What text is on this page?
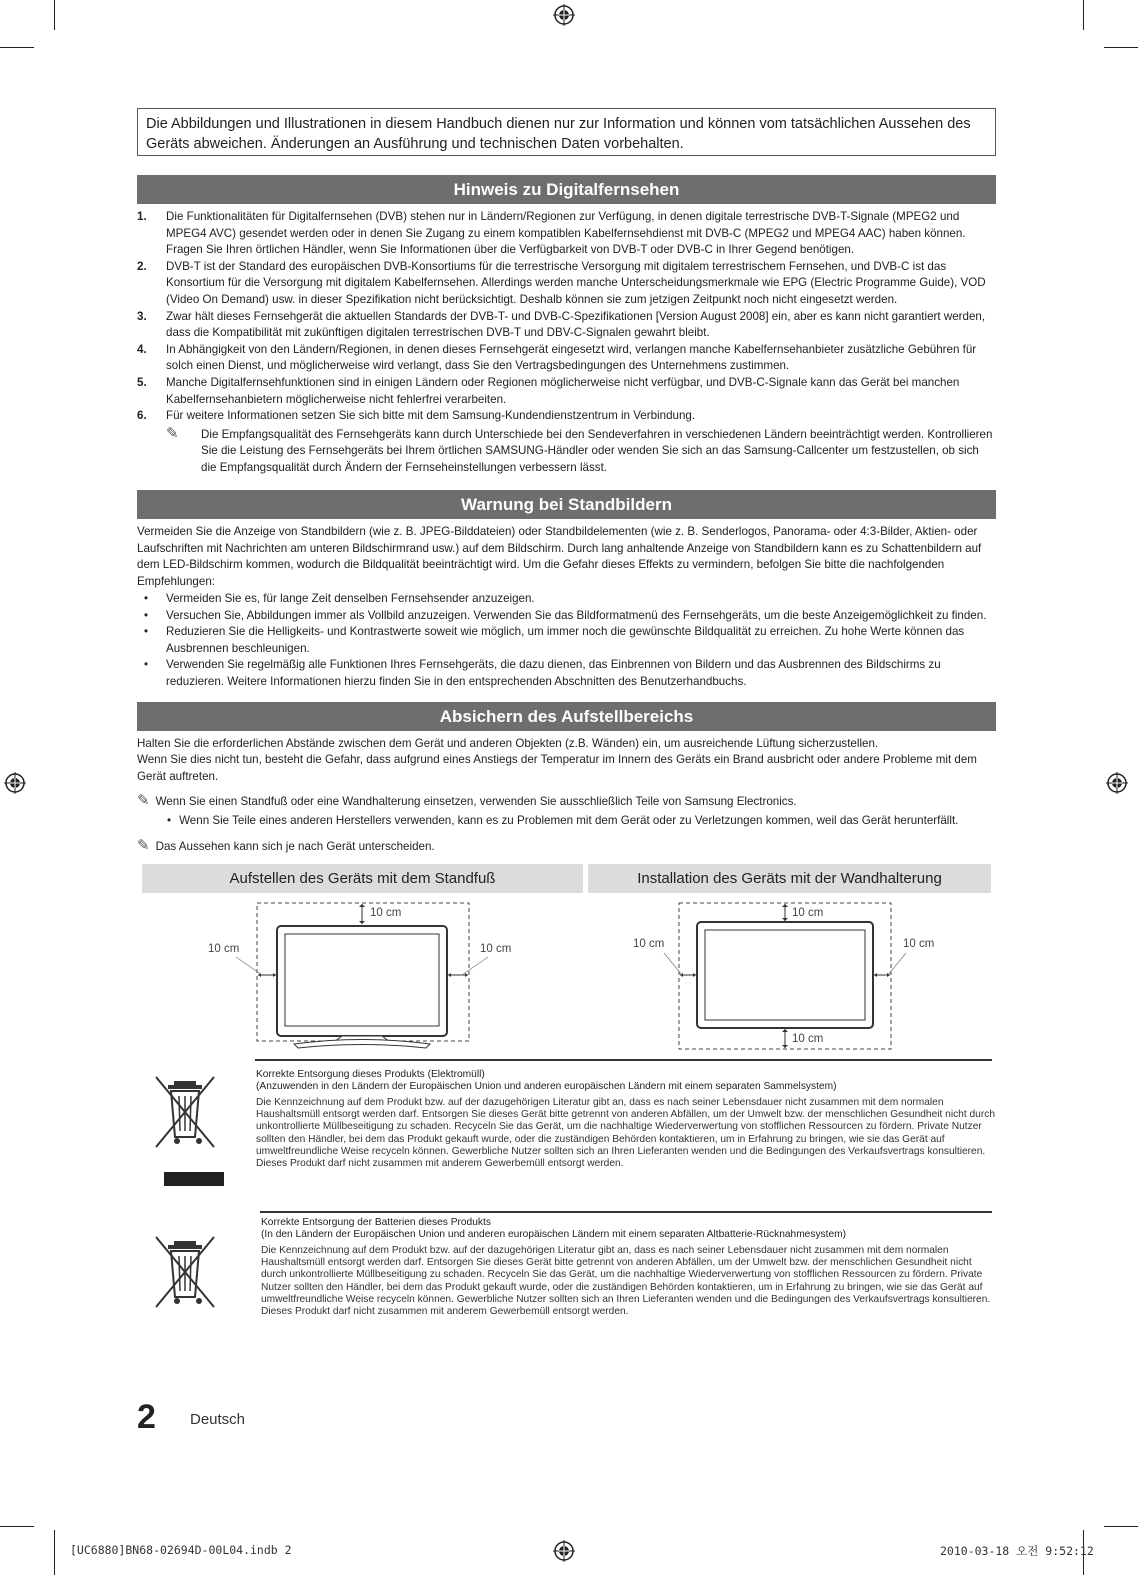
Die Abbildungen und Illustrationen in diesem Handbuch dienen nur zur Information und können vom tatsächlichen Aussehen des Geräts abweichen. Änderungen an Ausführung und technischen Daten vorbehalten.
Hinweis zu Digitalfernsehen
1. Die Funktionalitäten für Digitalfernsehen (DVB) stehen nur in Ländern/Regionen zur Verfügung, in denen digitale terrestrische DVB-T-Signale (MPEG2 und MPEG4 AVC) gesendet werden oder in denen Sie Zugang zu einem kompatiblen Kabelfernsehdienst mit DVB-C (MPEG2 und MPEG4 AAC) haben können. Fragen Sie Ihren örtlichen Händler, wenn Sie Informationen über die Verfügbarkeit von DVB-T oder DVB-C in Ihrer Gegend benötigen.
2. DVB-T ist der Standard des europäischen DVB-Konsortiums für die terrestrische Versorgung mit digitalem terrestrischem Fernsehen, und DVB-C ist das Konsortium für die Versorgung mit digitalem Kabelfernsehen. Allerdings werden manche Unterscheidungsmerkmale wie EPG (Electric Programme Guide), VOD (Video On Demand) usw. in dieser Spezifikation nicht berücksichtigt. Deshalb können sie zum jetzigen Zeitpunkt noch nicht eingesetzt werden.
3. Zwar hält dieses Fernsehgerät die aktuellen Standards der DVB-T- und DVB-C-Spezifikationen [Version August 2008] ein, aber es kann nicht garantiert werden, dass die Kompatibilität mit zukünftigen digitalen terrestrischen DVB-T und DBV-C-Signalen gewahrt bleibt.
4. In Abhängigkeit von den Ländern/Regionen, in denen dieses Fernsehgerät eingesetzt wird, verlangen manche Kabelfernsehanbieter zusätzliche Gebühren für solch einen Dienst, und möglicherweise wird verlangt, dass Sie den Vertragsbedingungen des Unternehmens zustimmen.
5. Manche Digitalfernsehfunktionen sind in einigen Ländern oder Regionen möglicherweise nicht verfügbar, und DVB-C-Signale kann das Gerät bei manchen Kabelfernsehanbietern möglicherweise nicht fehlerfrei verarbeiten.
6. Für weitere Informationen setzen Sie sich bitte mit dem Samsung-Kundendienstzentrum in Verbindung.
✎ Die Empfangsqualität des Fernsehgeräts kann durch Unterschiede bei den Sendeverfahren in verschiedenen Ländern beeinträchtigt werden. Kontrollieren Sie die Leistung des Fernsehgeräts bei Ihrem örtlichen SAMSUNG-Händler oder wenden Sie sich an das Samsung-Callcenter um festzustellen, ob sich die Empfangsqualität durch Ändern der Fernseheinstellungen verbessern lässt.
Warnung bei Standbildern
Vermeiden Sie die Anzeige von Standbildern (wie z. B. JPEG-Bilddateien) oder Standbildelementen (wie z. B. Senderlogos, Panorama- oder 4:3-Bilder, Aktien- oder Laufschriften mit Nachrichten am unteren Bildschirmrand usw.) auf dem Bildschirm. Durch lang anhaltende Anzeige von Standbildern kann es zu Schattenbildern auf dem LED-Bildschirm kommen, wodurch die Bildqualität beeinträchtigt wird. Um die Gefahr dieses Effekts zu vermindern, befolgen Sie bitte die nachfolgenden Empfehlungen:
• Vermeiden Sie es, für lange Zeit denselben Fernsehsender anzuzeigen.
• Versuchen Sie, Abbildungen immer als Vollbild anzuzeigen. Verwenden Sie das Bildformatmenü des Fernsehgeräts, um die beste Anzeigemöglichkeit zu finden.
• Reduzieren Sie die Helligkeits- und Kontrastwerte soweit wie möglich, um immer noch die gewünschte Bildqualität zu erreichen. Zu hohe Werte können das Ausbrennen beschleunigen.
• Verwenden Sie regelmäßig alle Funktionen Ihres Fernsehgeräts, die dazu dienen, das Einbrennen von Bildern und das Ausbrennen des Bildschirms zu reduzieren. Weitere Informationen hierzu finden Sie in den entsprechenden Abschnitten des Benutzerhandbuchs.
Absichern des Aufstellbereichs
Halten Sie die erforderlichen Abstände zwischen dem Gerät und anderen Objekten (z.B. Wänden) ein, um ausreichende Lüftung sicherzustellen.
Wenn Sie dies nicht tun, besteht die Gefahr, dass aufgrund eines Anstiegs der Temperatur im Innern des Geräts ein Brand ausbricht oder andere Probleme mit dem Gerät auftreten.
✎ Wenn Sie einen Standfuß oder eine Wandhalterung einsetzen, verwenden Sie ausschließlich Teile von Samsung Electronics.
• Wenn Sie Teile eines anderen Herstellers verwenden, kann es zu Problemen mit dem Gerät oder zu Verletzungen kommen, weil das Gerät herunterfällt.
✎ Das Aussehen kann sich je nach Gerät unterscheiden.
Aufstellen des Geräts mit dem Standfuß	Installation des Geräts mit der Wandhalterung
10 cm
10 cm	10 cm
10 cm
10 cm	10 cm
10 cm
Korrekte Entsorgung dieses Produkts (Elektromüll)
(Anzuwenden in den Ländern der Europäischen Union und anderen europäischen Ländern mit einem separaten Sammelsystem)
Die Kennzeichnung auf dem Produkt bzw. auf der dazugehörigen Literatur gibt an, dass es nach seiner Lebensdauer nicht zusammen mit dem normalen Haushaltsmüll entsorgt werden darf. Entsorgen Sie dieses Gerät bitte getrennt von anderen Abfällen, um der Umwelt bzw. der menschlichen Gesundheit nicht durch unkontrollierte Müllbeseitigung zu schaden. Recyceln Sie das Gerät, um die nachhaltige Wiederverwertung von stofflichen Ressourcen zu fördern. Private Nutzer sollten den Händler, bei dem das Produkt gekauft wurde, oder die zuständigen Behörden kontaktieren, um in Erfahrung zu bringen, wie sie das Gerät auf umweltfreundliche Weise recyceln können. Gewerbliche Nutzer sollten sich an Ihren Lieferanten wenden und die Bedingungen des Verkaufsvertrags konsultieren. Dieses Produkt darf nicht zusammen mit anderem Gewerbemüll entsorgt werden.
Korrekte Entsorgung der Batterien dieses Produkts
(In den Ländern der Europäischen Union und anderen europäischen Ländern mit einem separaten Altbatterie-Rücknahmesystem)
Die Kennzeichnung auf dem Produkt bzw. auf der dazugehörigen Literatur gibt an, dass es nach seiner Lebensdauer nicht zusammen mit dem normalen Haushaltsmüll entsorgt werden darf. Entsorgen Sie dieses Gerät bitte getrennt von anderen Abfällen, um der Umwelt bzw. der menschlichen Gesundheit nicht durch unkontrollierte Müllbeseitigung zu schaden. Recyceln Sie das Gerät, um die nachhaltige Wiederverwertung von stofflichen Ressourcen zu fördern. Private Nutzer sollten den Händler, bei dem das Produkt gekauft wurde, oder die zuständigen Behörden kontaktieren, um in Erfahrung zu bringen, wie sie das Gerät auf umweltfreundliche Weise recyceln können. Gewerbliche Nutzer sollten sich an Ihren Lieferanten wenden und die Bedingungen des Verkaufsvertrags konsultieren. Dieses Produkt darf nicht zusammen mit anderem Gewerbemüll entsorgt werden.
2 Deutsch
[UC6880]BN68-02694D-00L04.indb 2	2010-03-18 오전 9:52:12
